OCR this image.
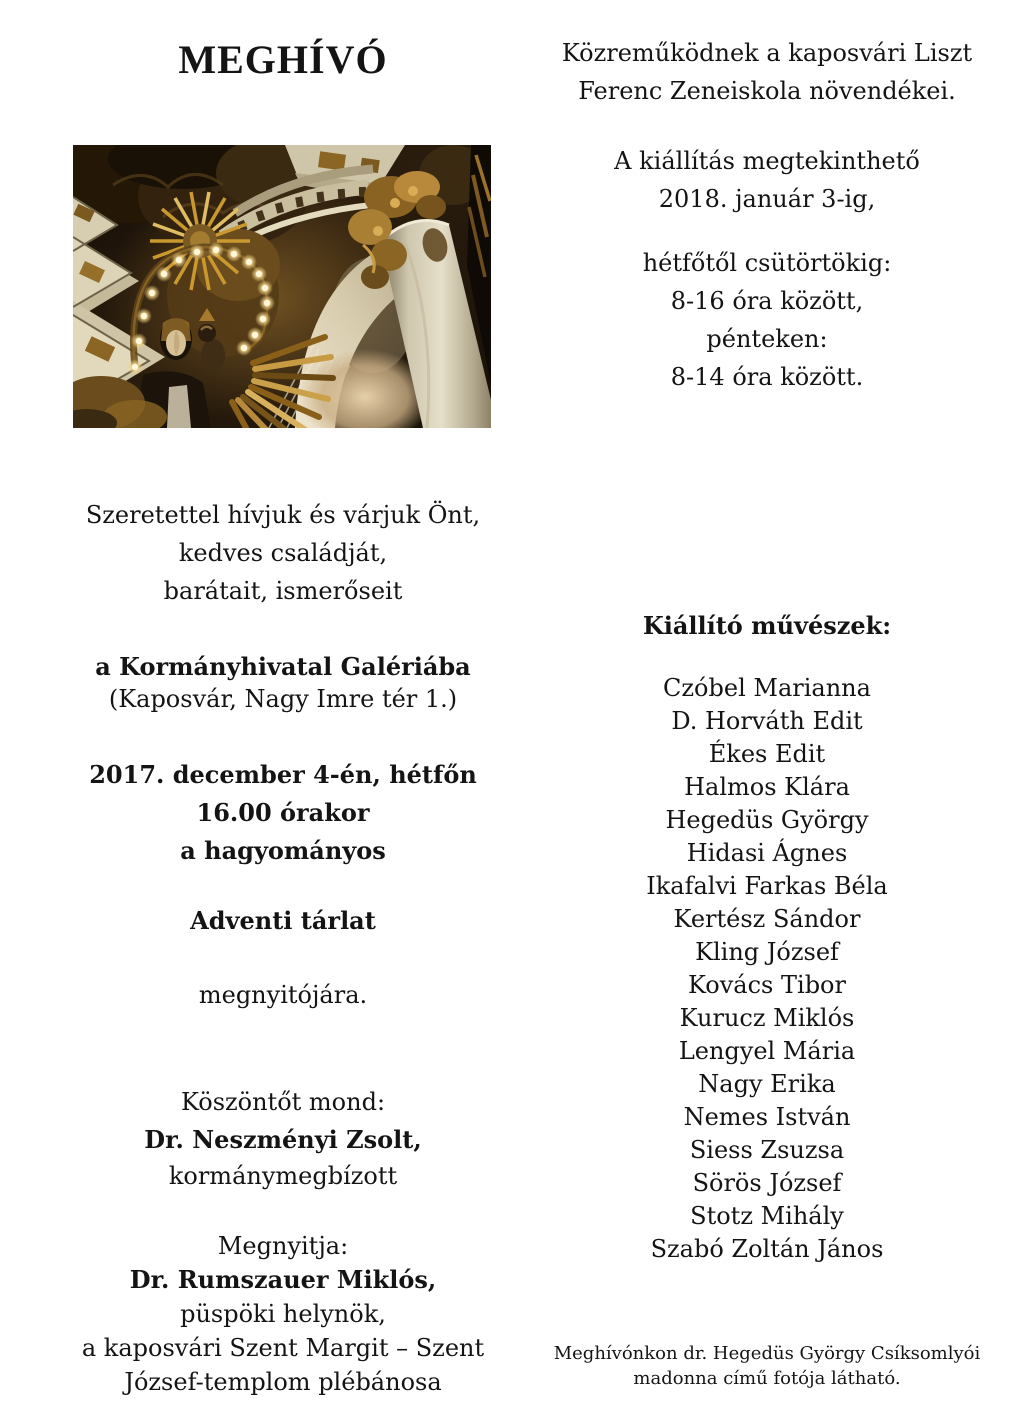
MEGHÍVÓ
Szeretettel hívjuk és várjuk Önt,
kedves családját,
barátait, ismerőseit
a Kormányhivatal Galériába
(Kaposvár, Nagy Imre tér 1.)
2017. december 4-én, hétfőn
16.00 órakor
a hagyományos
Adventi tárlat
megnyitójára.
Köszöntőt mond:
Dr. Neszményi Zsolt,
kormánymegbízott
Megnyitja:
Dr. Rumszauer Miklós,
püspöki helynök,
a kaposvári Szent Margit – Szent
József-templom plébánosa
Közreműködnek a kaposvári Liszt
Ferenc Zeneiskola növendékei.
A kiállítás megtekinthető
2018. január 3-ig,
hétfőtől csütörtökig:
8-16 óra között,
pénteken:
8-14 óra között.
Kiállító művészek:
Czóbel Marianna
D. Horváth Edit
Ékes Edit
Halmos Klára
Hegedüs György
Hidasi Ágnes
Ikafalvi Farkas Béla
Kertész Sándor
Kling József
Kovács Tibor
Kurucz Miklós
Lengyel Mária
Nagy Erika
Nemes István
Siess Zsuzsa
Sörös József
Stotz Mihály
Szabó Zoltán János
Meghívónkon dr. Hegedüs György Csíksomlyói
madonna című fotója látható.
